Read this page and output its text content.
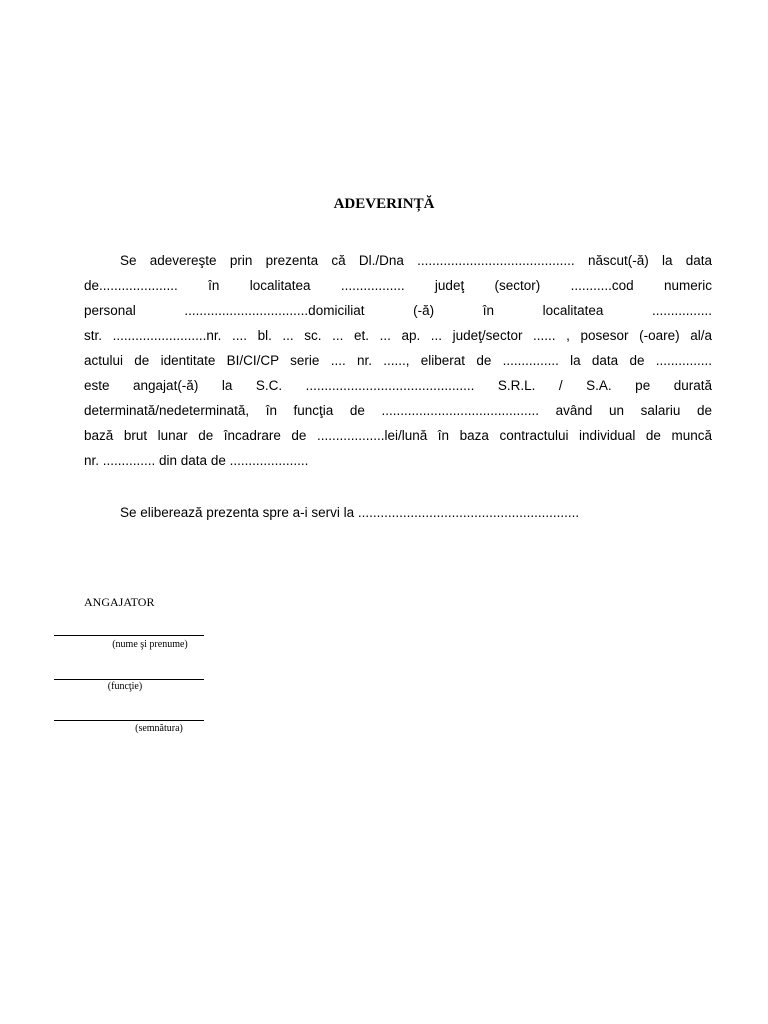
ADEVERINȚĂ
Se adevereşte prin prezenta că Dl./Dna .......................................... născut(-ă) la data
de..................... în localitatea ................. judeţ (sector) ...........cod numeric
personal .................................domiciliat (-ă) în localitatea ................
str. .........................nr. .... bl. ... sc. ... et. ... ap. ... judeţ/sector ...... , posesor (-oare) al/a
actului de identitate BI/CI/CP serie .... nr. ......, eliberat de ............... la data de ...............
este angajat(-ă) la S.C. ............................................. S.R.L. / S.A. pe durată
determinată/nedeterminată, în funcţia de .......................................... având un salariu de
bază brut lunar de încadrare de ..................lei/lună în baza contractului individual de muncă
nr. .............. din data de .....................
Se eliberează prezenta spre a-i servi la ...........................................................
ANGAJATOR
(nume şi prenume)
(funcţie)
(semnătura)
